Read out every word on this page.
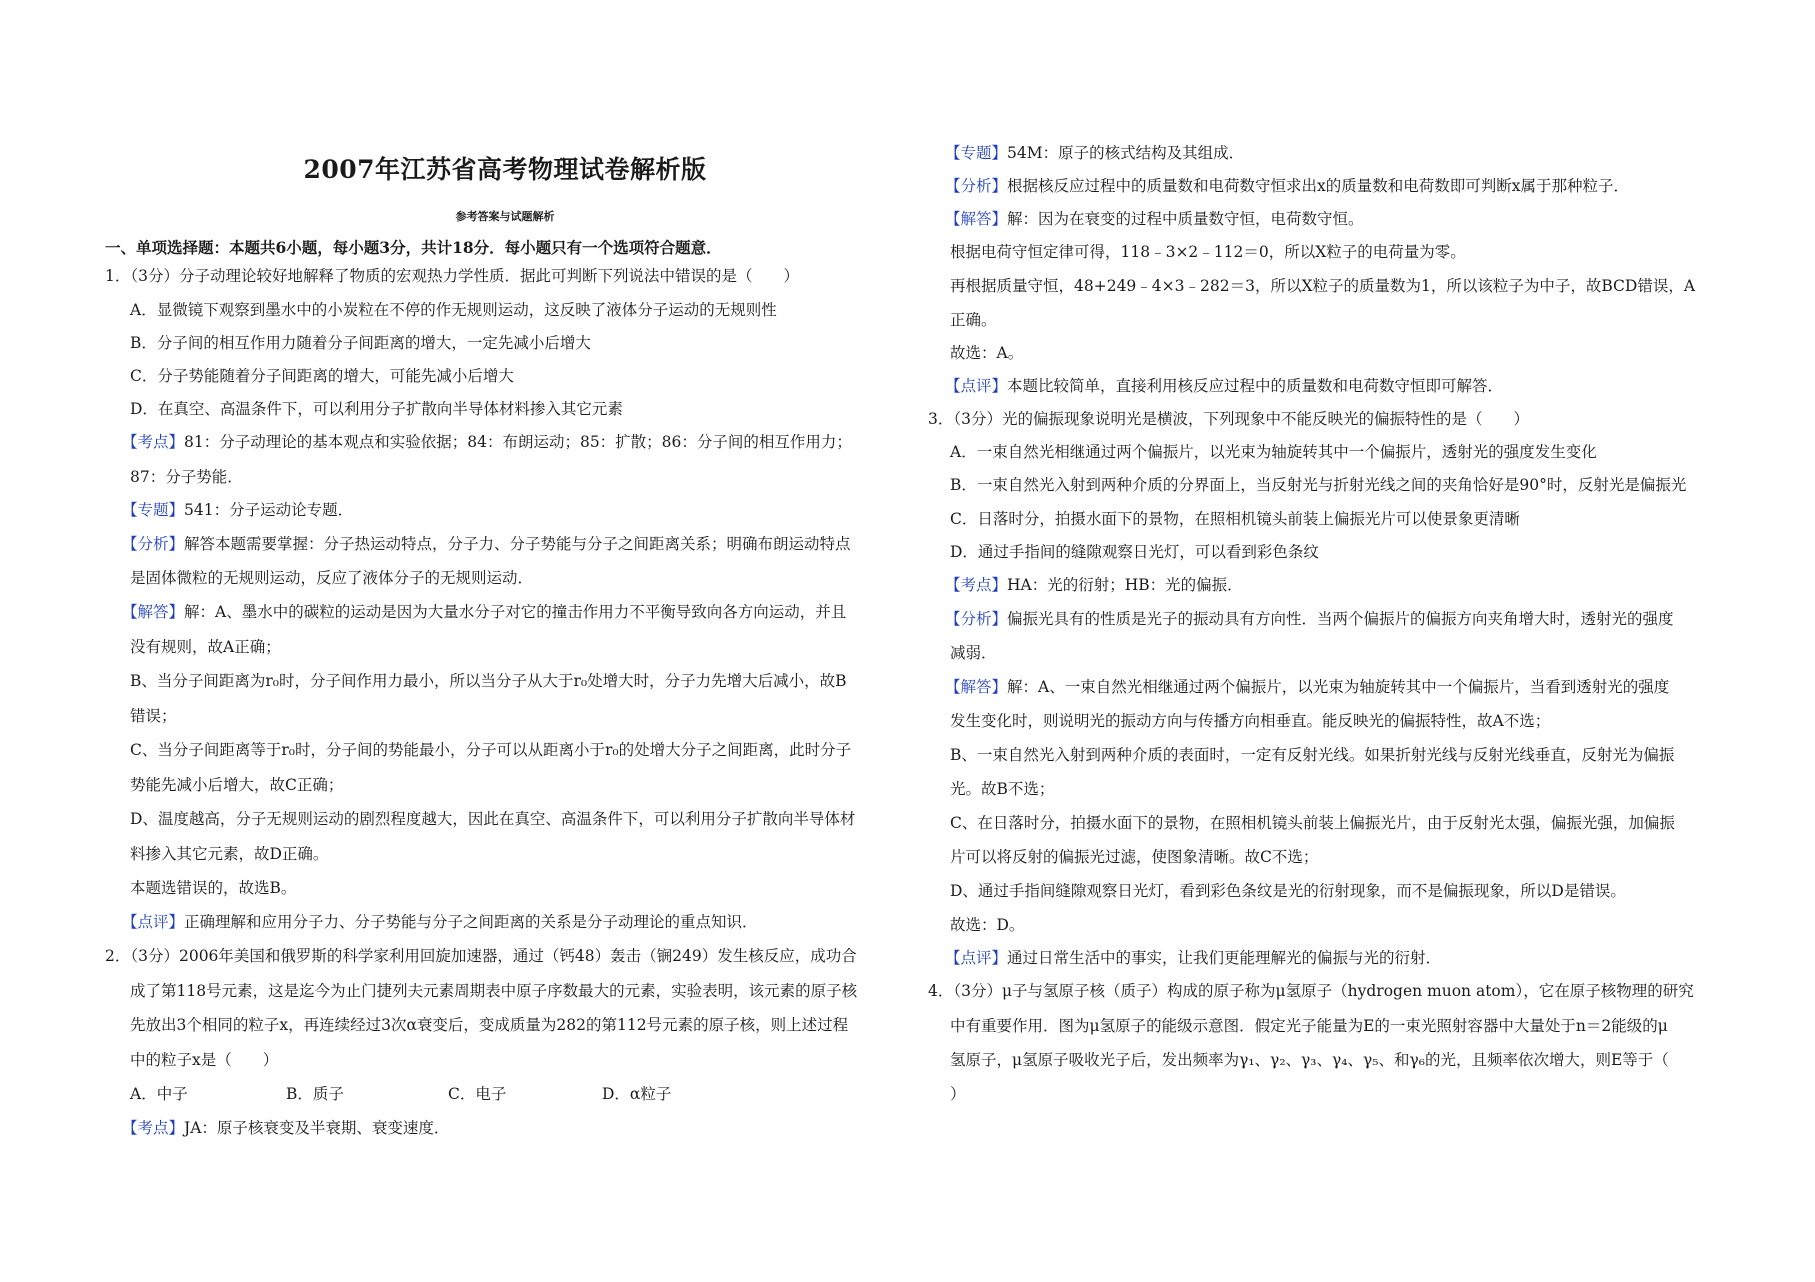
2007年江苏省高考物理试卷解析版
参考答案与试题解析
一、单项选择题：本题共6小题，每小题3分，共计18分．每小题只有一个选项符合题意．
1．（3分）分子动理论较好地解释了物质的宏观热力学性质．据此可判断下列说法中错误的是（　　）
A．显微镜下观察到墨水中的小炭粒在不停的作无规则运动，这反映了液体分子运动的无规则性
B．分子间的相互作用力随着分子间距离的增大，一定先减小后增大
C．分子势能随着分子间距离的增大，可能先减小后增大
D．在真空、高温条件下，可以利用分子扩散向半导体材料掺入其它元素
【考点】81：分子动理论的基本观点和实验依据；84：布朗运动；85：扩散；86：分子间的相互作用力；
87：分子势能．
【专题】541：分子运动论专题．
【分析】解答本题需要掌握：分子热运动特点，分子力、分子势能与分子之间距离关系；明确布朗运动特点
是固体微粒的无规则运动，反应了液体分子的无规则运动．
【解答】解：A、墨水中的碳粒的运动是因为大量水分子对它的撞击作用力不平衡导致向各方向运动，并且
没有规则，故A正确；
B、当分子间距离为r₀时，分子间作用力最小，所以当分子从大于r₀处增大时，分子力先增大后减小，故B
错误；
C、当分子间距离等于r₀时，分子间的势能最小，分子可以从距离小于r₀的处增大分子之间距离，此时分子
势能先减小后增大，故C正确；
D、温度越高，分子无规则运动的剧烈程度越大，因此在真空、高温条件下，可以利用分子扩散向半导体材
料掺入其它元素，故D正确。
本题选错误的，故选B。
【点评】正确理解和应用分子力、分子势能与分子之间距离的关系是分子动理论的重点知识．
2．（3分）2006年美国和俄罗斯的科学家利用回旋加速器，通过（钙48）轰击（锎249）发生核反应，成功合
成了第118号元素，这是迄今为止门捷列夫元素周期表中原子序数最大的元素，实验表明，该元素的原子核
先放出3个相同的粒子x，再连续经过3次α衰变后，变成质量为282的第112号元素的原子核，则上述过程
中的粒子x是（　　）
A．中子	B．质子	C．电子	D．α粒子
【考点】JA：原子核衰变及半衰期、衰变速度．
【专题】54M：原子的核式结构及其组成．
【分析】根据核反应过程中的质量数和电荷数守恒求出x的质量数和电荷数即可判断x属于那种粒子．
【解答】解：因为在衰变的过程中质量数守恒，电荷数守恒。
根据电荷守恒定律可得，118﹣3×2﹣112＝0，所以X粒子的电荷量为零。
再根据质量守恒，48+249﹣4×3﹣282＝3，所以X粒子的质量数为1，所以该粒子为中子，故BCD错误，A
正确。
故选：A。
【点评】本题比较简单，直接利用核反应过程中的质量数和电荷数守恒即可解答．
3．（3分）光的偏振现象说明光是横波，下列现象中不能反映光的偏振特性的是（　　）
A．一束自然光相继通过两个偏振片，以光束为轴旋转其中一个偏振片，透射光的强度发生变化
B．一束自然光入射到两种介质的分界面上，当反射光与折射光线之间的夹角恰好是90°时，反射光是偏振光
C．日落时分，拍摄水面下的景物，在照相机镜头前装上偏振光片可以使景象更清晰
D．通过手指间的缝隙观察日光灯，可以看到彩色条纹
【考点】HA：光的衍射；HB：光的偏振．
【分析】偏振光具有的性质是光子的振动具有方向性．当两个偏振片的偏振方向夹角增大时，透射光的强度
减弱．
【解答】解：A、一束自然光相继通过两个偏振片，以光束为轴旋转其中一个偏振片，当看到透射光的强度
发生变化时，则说明光的振动方向与传播方向相垂直。能反映光的偏振特性，故A不选；
B、一束自然光入射到两种介质的表面时，一定有反射光线。如果折射光线与反射光线垂直，反射光为偏振
光。故B不选；
C、在日落时分，拍摄水面下的景物，在照相机镜头前装上偏振光片，由于反射光太强，偏振光强，加偏振
片可以将反射的偏振光过滤，使图象清晰。故C不选；
D、通过手指间缝隙观察日光灯，看到彩色条纹是光的衍射现象，而不是偏振现象，所以D是错误。
故选：D。
【点评】通过日常生活中的事实，让我们更能理解光的偏振与光的衍射．
4．（3分）μ子与氢原子核（质子）构成的原子称为μ氢原子（hydrogen muon atom），它在原子核物理的研究
中有重要作用．图为μ氢原子的能级示意图．假定光子能量为E的一束光照射容器中大量处于n＝2能级的μ
氢原子，μ氢原子吸收光子后，发出频率为γ₁、γ₂、γ₃、γ₄、γ₅、和γ₆的光，且频率依次增大，则E等于（
）
